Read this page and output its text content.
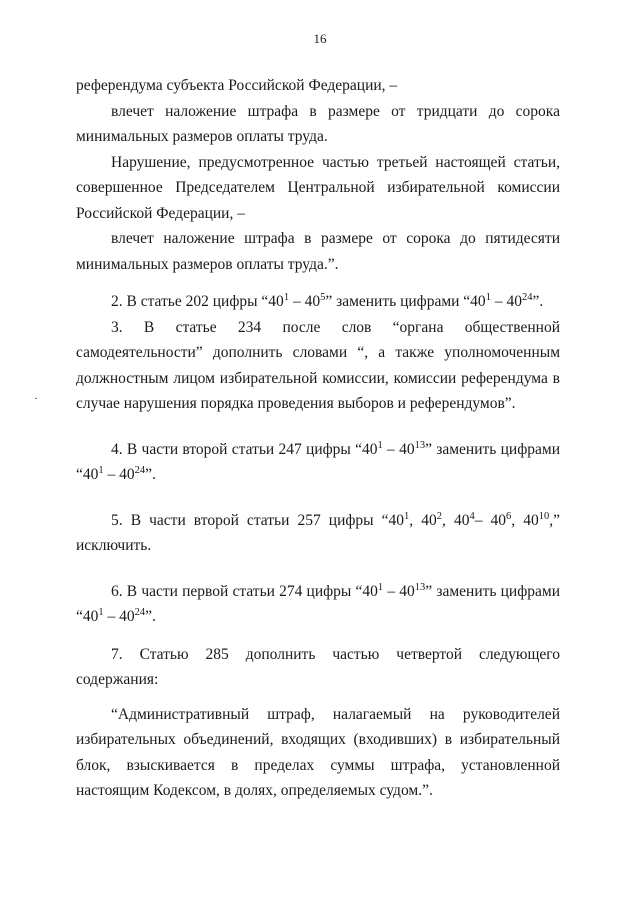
16

референдума субъекта Российской Федерации, –

влечет наложение штрафа в размере от тридцати до сорока минимальных размеров оплаты труда.

Нарушение, предусмотренное частью третьей настоящей статьи, совершенное Председателем Центральной избирательной комиссии Российской Федерации, –

влечет наложение штрафа в размере от сорока до пятидесяти минимальных размеров оплаты труда.”.

2. В статье 202 цифры “$40^1 - 40^5$” заменить цифрами “$40^1 - 40^{24}$”.

3. В статье 234 после слов “органа общественной самодеятельности” дополнить словами “, а также уполномоченным должностным лицом избирательной комиссии, комиссии референдума в случае нарушения порядка проведения выборов и референдумов”.

4. В части второй статьи 247 цифры “$40^1 - 40^{13}$” заменить цифрами “$40^1 - 40^{24}$”.

5. В части второй статьи 257 цифры “$40^1$, $40^2$, $40^4-$ $40^6$, $40^{10}$,” исключить.

6. В части первой статьи 274 цифры “$40^1 - 40^{13}$” заменить цифрами “$40^1 - 40^{24}$”.

7. Статью 285 дополнить частью четвертой следующего содержания:

“Административный штраф, налагаемый на руководителей избирательных объединений, входящих (входивших) в избирательный блок, взыскивается в пределах суммы штрафа, установленной настоящим Кодексом, в долях, определяемых судом.”.
